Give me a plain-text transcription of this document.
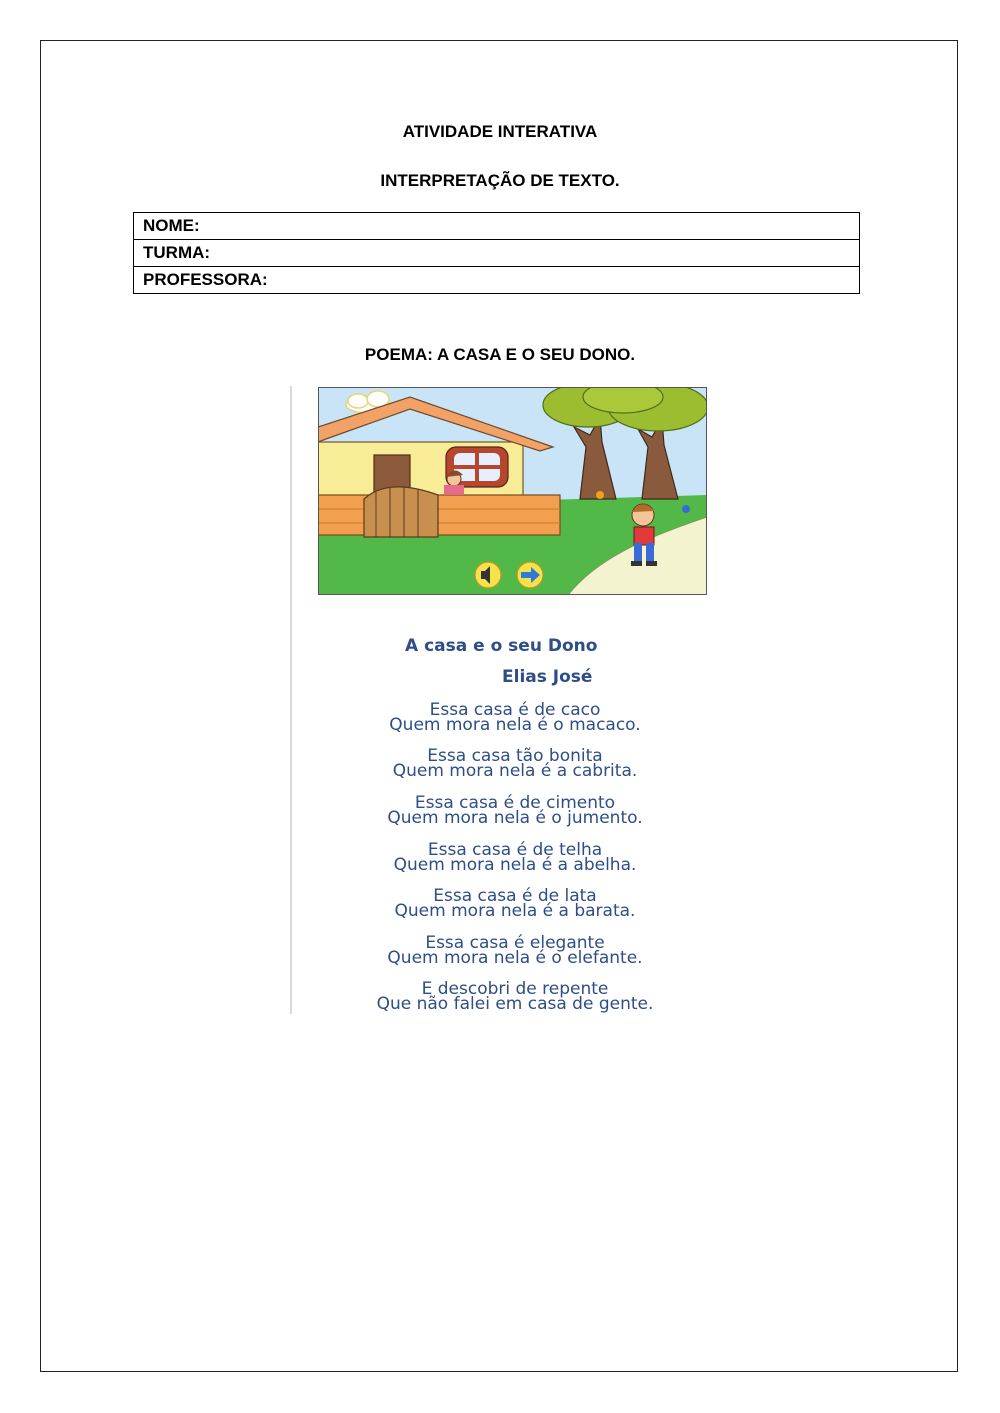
ATIVIDADE INTERATIVA
INTERPRETAÇÃO DE TEXTO.
NOME:
TURMA:
PROFESSORA:
POEMA: A CASA E O SEU DONO.
A casa e o seu Dono
Elias José
Essa casa é de caco
Quem mora nela é o macaco.
Essa casa tão bonita
Quem mora nela é a cabrita.
Essa casa é de cimento
Quem mora nela é o jumento.
Essa casa é de telha
Quem mora nela é a abelha.
Essa casa é de lata
Quem mora nela é a barata.
Essa casa é elegante
Quem mora nela é o elefante.
E descobri de repente
Que não falei em casa de gente.
